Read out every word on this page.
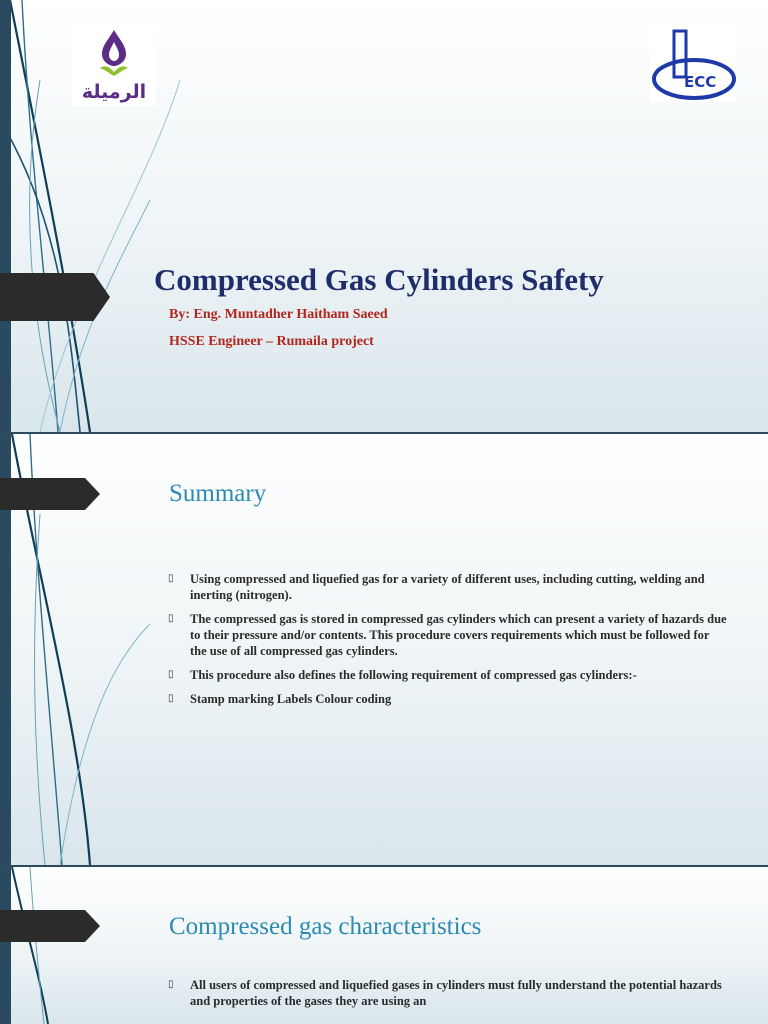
الرميلة	ECC
Compressed Gas Cylinders Safety

By: Eng. Muntadher Haitham Saeed

HSSE Engineer – Rumaila project

Summary
▯ Using compressed and liquefied gas for a variety of different uses, including cutting, welding and inerting (nitrogen).
▯ The compressed gas is stored in compressed gas cylinders which can present a variety of hazards due to their pressure and/or contents. This procedure covers requirements which must be followed for the use of all compressed gas cylinders.
▯ This procedure also defines the following requirement of compressed gas cylinders:-
▯ Stamp marking Labels Colour coding
Compressed gas characteristics
▯ All users of compressed and liquefied gases in cylinders must fully understand the potential hazards and properties of the gases they are using an
